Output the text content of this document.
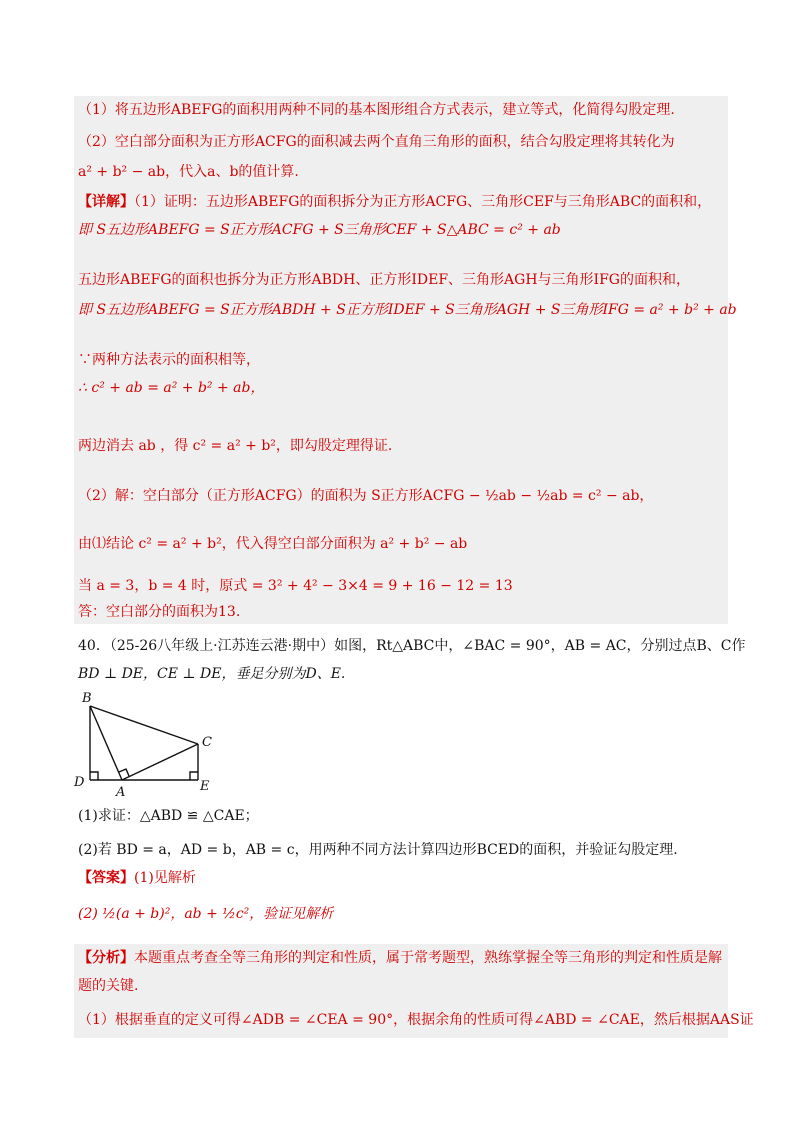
（1）将五边形ABEFG的面积用两种不同的基本图形组合方式表示，建立等式，化简得勾股定理.
（2）空白部分面积为正方形ACFG的面积减去两个直角三角形的面积，结合勾股定理将其转化为
a² + b² − ab，代入a、b的值计算.
【详解】（1）证明：五边形ABEFG的面积拆分为正方形ACFG、三角形CEF与三角形ABC的面积和，
即 S五边形ABEFG = S正方形ACFG + S三角形CEF + S△ABC = c² + ab
五边形ABEFG的面积也拆分为正方形ABDH、正方形IDEF、三角形AGH与三角形IFG的面积和，
即 S五边形ABEFG = S正方形ABDH + S正方形IDEF + S三角形AGH + S三角形IFG = a² + b² + ab
∵两种方法表示的面积相等，
∴ c² + ab = a² + b² + ab，
两边消去 ab ，得 c² = a² + b²，即勾股定理得证.
（2）解：空白部分（正方形ACFG）的面积为 S正方形ACFG − ½ab − ½ab = c² − ab，
由⑴结论 c² = a² + b²，代入得空白部分面积为 a² + b² − ab
当 a = 3，b = 4 时，原式 = 3² + 4² − 3×4 = 9 + 16 − 12 = 13
答：空白部分的面积为13.
40．（25-26八年级上·江苏连云港·期中）如图，Rt△ABC中，∠BAC = 90°，AB = AC，分别过点B、C作
BD ⊥ DE，CE ⊥ DE，垂足分别为D、E.
B
C
D	E
A
(1)求证：△ABD ≌ △CAE；
(2)若 BD = a，AD = b，AB = c，用两种不同方法计算四边形BCED的面积，并验证勾股定理.
【答案】(1)见解析
(2) ½(a + b)²，ab + ½c²，验证见解析
【分析】本题重点考查全等三角形的判定和性质，属于常考题型，熟练掌握全等三角形的判定和性质是解
题的关键.
（1）根据垂直的定义可得∠ADB = ∠CEA = 90°，根据余角的性质可得∠ABD = ∠CAE，然后根据AAS证
